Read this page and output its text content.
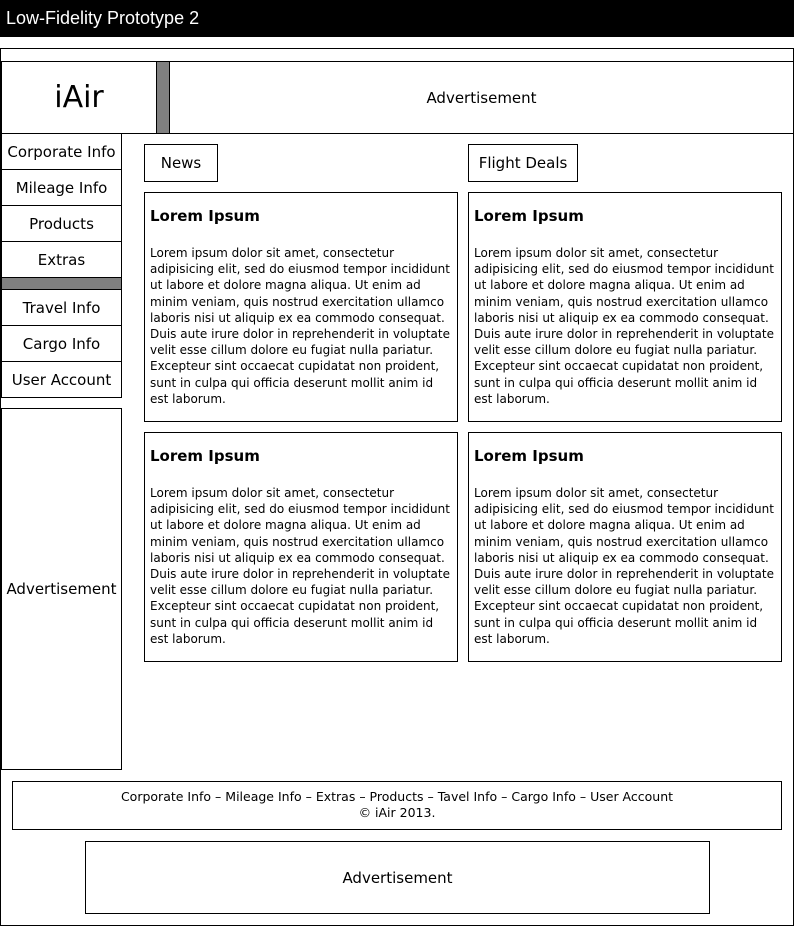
Low-Fidelity Prototype 2
iAir	Advertisement
Corporate Info
Mileage Info
Products
Extras
Travel Info
Cargo Info
User Account
Advertisement
News	Flight Deals
Lorem Ipsum
Lorem ipsum dolor sit amet, consectetur adipisicing elit, sed do eiusmod tempor incididunt ut labore et dolore magna aliqua. Ut enim ad minim veniam, quis nostrud exercitation ullamco laboris nisi ut aliquip ex ea commodo consequat. Duis aute irure dolor in reprehenderit in voluptate velit esse cillum dolore eu fugiat nulla pariatur. Excepteur sint occaecat cupidatat non proident, sunt in culpa qui officia deserunt mollit anim id est laborum.
Lorem Ipsum
Lorem ipsum dolor sit amet, consectetur adipisicing elit, sed do eiusmod tempor incididunt ut labore et dolore magna aliqua. Ut enim ad minim veniam, quis nostrud exercitation ullamco laboris nisi ut aliquip ex ea commodo consequat. Duis aute irure dolor in reprehenderit in voluptate velit esse cillum dolore eu fugiat nulla pariatur. Excepteur sint occaecat cupidatat non proident, sunt in culpa qui officia deserunt mollit anim id est laborum.
Lorem Ipsum
Lorem ipsum dolor sit amet, consectetur adipisicing elit, sed do eiusmod tempor incididunt ut labore et dolore magna aliqua. Ut enim ad minim veniam, quis nostrud exercitation ullamco laboris nisi ut aliquip ex ea commodo consequat. Duis aute irure dolor in reprehenderit in voluptate velit esse cillum dolore eu fugiat nulla pariatur. Excepteur sint occaecat cupidatat non proident, sunt in culpa qui officia deserunt mollit anim id est laborum.
Lorem Ipsum
Lorem ipsum dolor sit amet, consectetur adipisicing elit, sed do eiusmod tempor incididunt ut labore et dolore magna aliqua. Ut enim ad minim veniam, quis nostrud exercitation ullamco laboris nisi ut aliquip ex ea commodo consequat. Duis aute irure dolor in reprehenderit in voluptate velit esse cillum dolore eu fugiat nulla pariatur. Excepteur sint occaecat cupidatat non proident, sunt in culpa qui officia deserunt mollit anim id est laborum.
Corporate Info – Mileage Info – Extras – Products – Tavel Info – Cargo Info – User Account
© iAir 2013.
Advertisement
